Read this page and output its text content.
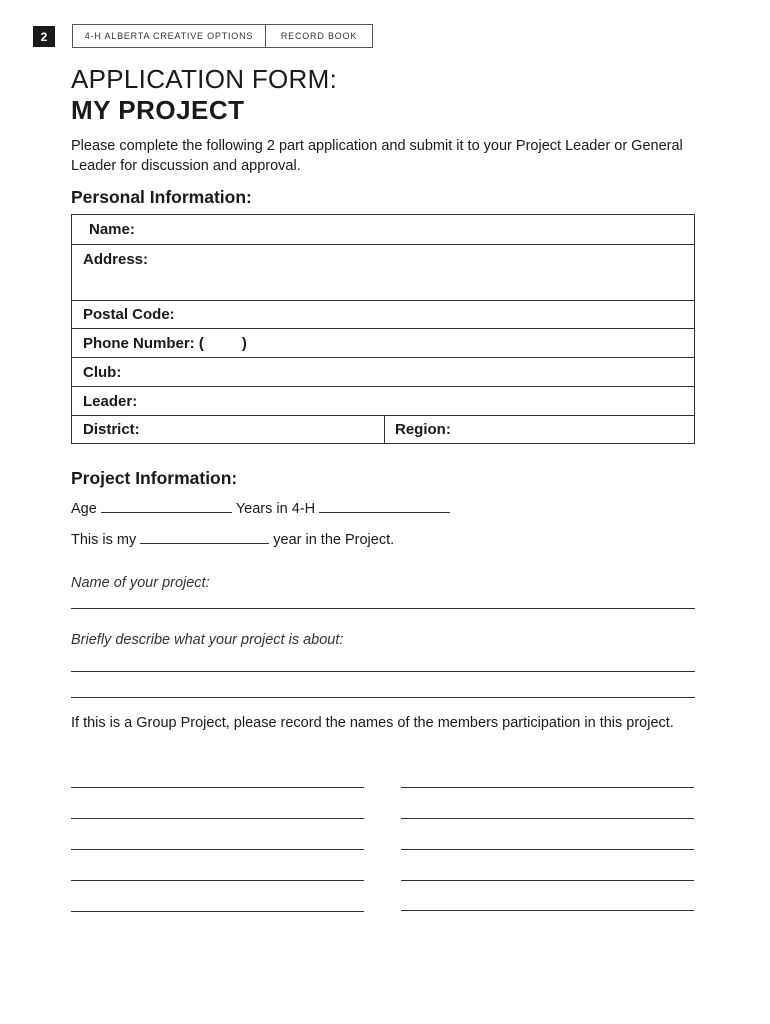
2	4-H ALBERTA CREATIVE OPTIONS	RECORD BOOK
APPLICATION FORM:
MY PROJECT
Please complete the following 2 part application and submit it to your Project Leader or General Leader for discussion and approval.
Personal Information:
Name:
Address:
Postal Code:
Phone Number: (	)
Club:
Leader:
District:	Region:
Project Information:
Age	Years in 4-H
This is my	year in the Project.
Name of your project:
Briefly describe what your project is about:
If this is a Group Project, please record the names of the members participation in this project.
